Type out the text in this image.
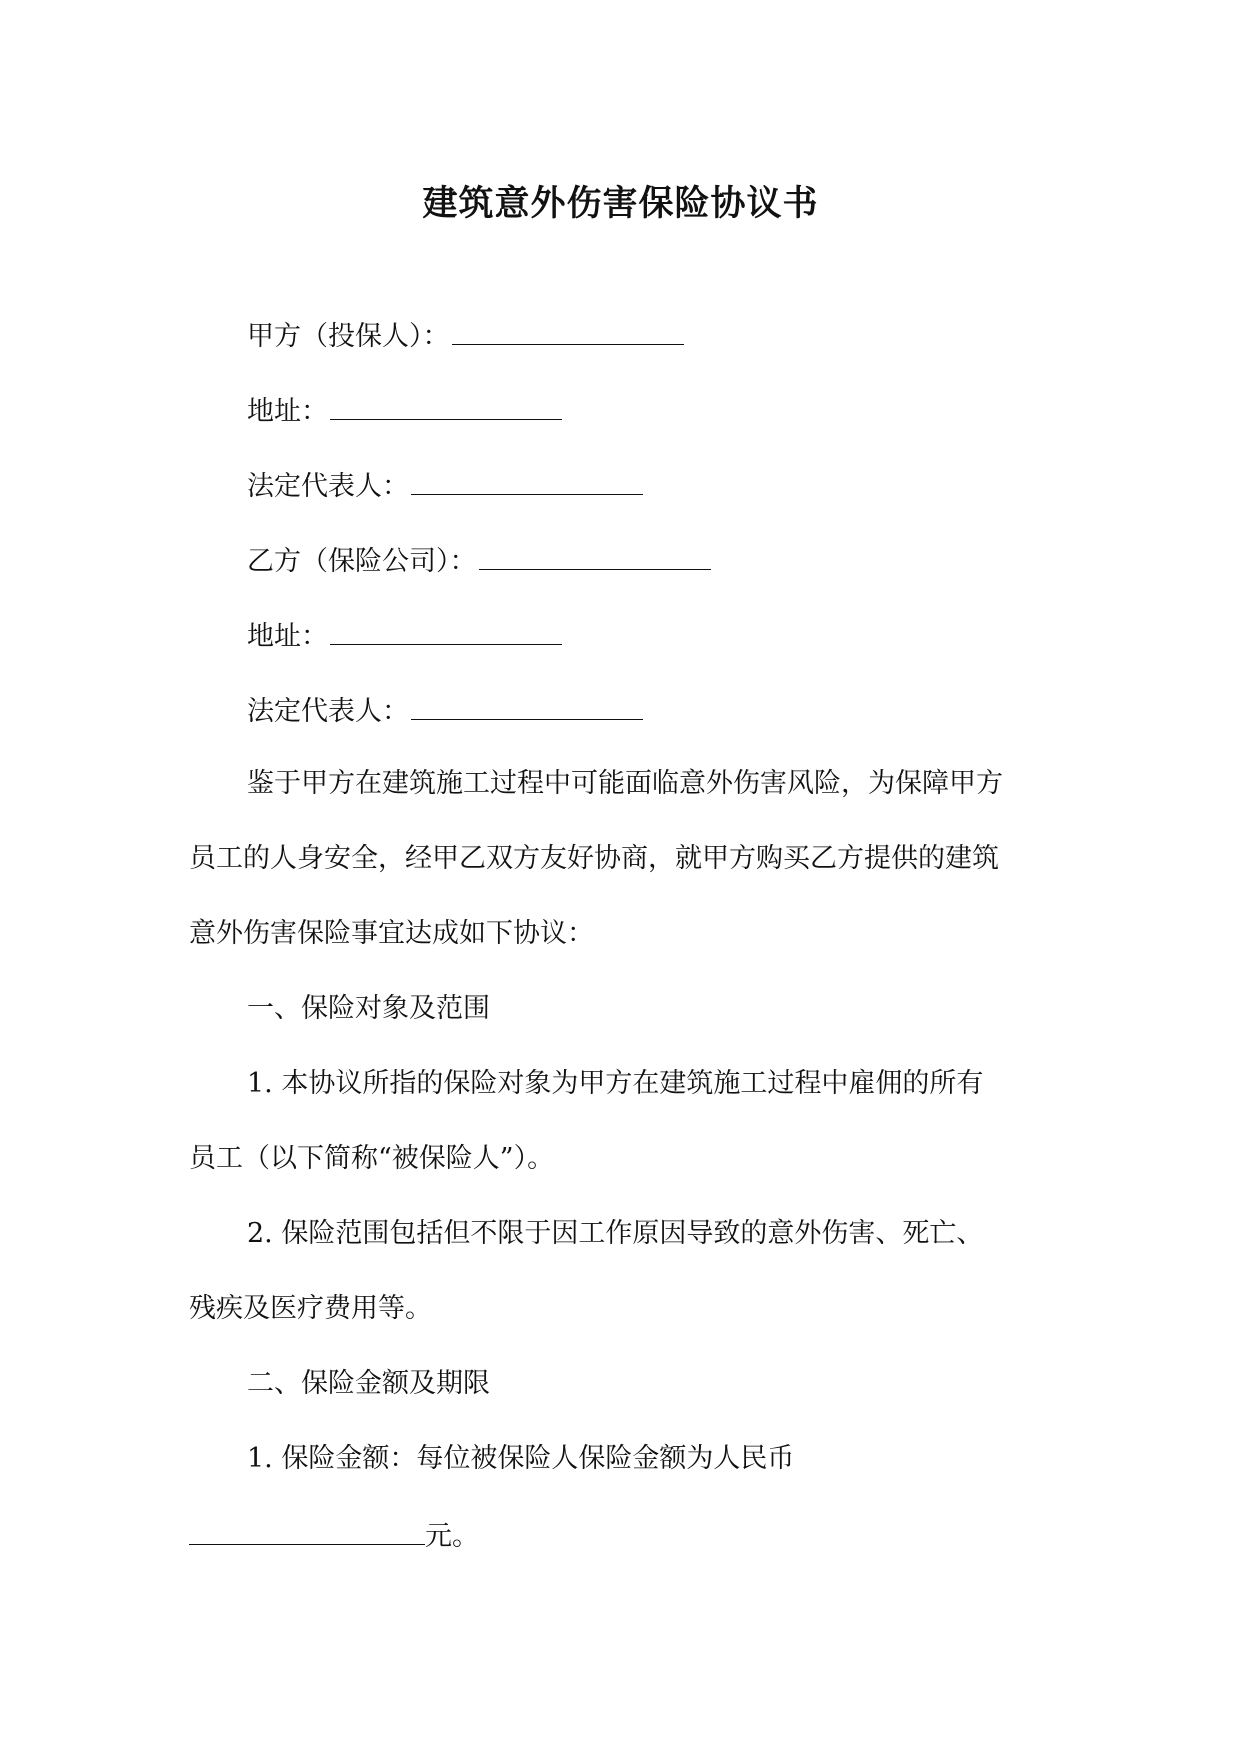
建筑意外伤害保险协议书
甲方（投保人）：
地址：
法定代表人：
乙方（保险公司）：
地址：
法定代表人：
鉴于甲方在建筑施工过程中可能面临意外伤害风险，为保障甲方
员工的人身安全，经甲乙双方友好协商，就甲方购买乙方提供的建筑
意外伤害保险事宜达成如下协议：
一、保险对象及范围
1. 本协议所指的保险对象为甲方在建筑施工过程中雇佣的所有
员工（以下简称“被保险人”）。
2. 保险范围包括但不限于因工作原因导致的意外伤害、死亡、
残疾及医疗费用等。
二、保险金额及期限
1. 保险金额：每位被保险人保险金额为人民币
元。
